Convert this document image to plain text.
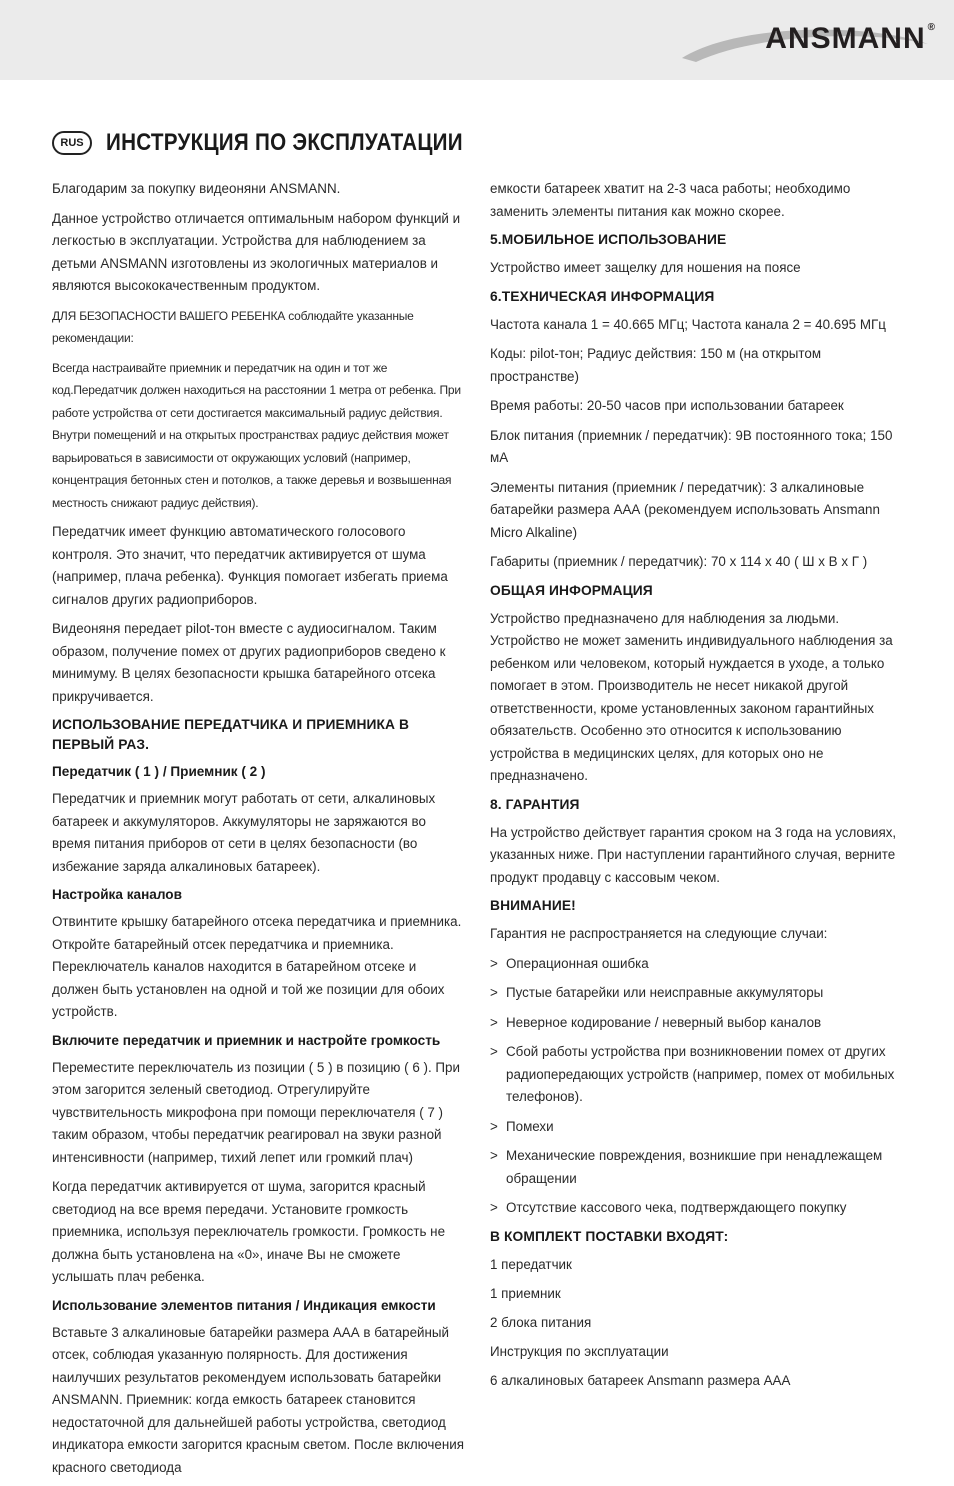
ANSMANN ®
RUS ИНСТРУКЦИЯ ПО ЭКСПЛУАТАЦИИ

Благодарим за покупку видеоняни ANSMANN.

Данное устройство отличается оптимальным набором функций и легкостью в эксплуатации. Устройства для наблюдением за детьми ANSMANN изготовлены из экологичных материалов и являются высококачественным продуктом.

ДЛЯ БЕЗОПАСНОСТИ ВАШЕГО РЕБЕНКА соблюдайте указанные рекомендации:

Всегда настраивайте приемник и передатчик на один и тот же код.Передатчик должен находиться на расстоянии 1 метра от ребенка. При работе устройства от сети достигается максимальный радиус действия. Внутри помещений и на открытых пространствах радиус действия может варьироваться в зависимости от окружающих условий (например, концентрация бетонных стен и потолков, а также деревья и возвышенная местность снижают радиус действия).

Передатчик имеет функцию автоматического голосового контроля. Это значит, что передатчик активируется от шума (например, плача ребенка). Функция помогает избегать приема сигналов других радиоприборов.

Видеоняня передает pilot-тон вместе с аудиосигналом. Таким образом, получение помех от других радиоприборов сведено к минимуму. В целях безопасности крышка батарейного отсека прикручивается.

ИСПОЛЬЗОВАНИЕ ПЕРЕДАТЧИКА И ПРИЕМНИКА В ПЕРВЫЙ РАЗ.
Передатчик ( 1 ) / Приемник ( 2 )

Передатчик и приемник могут работать от сети, алкалиновых батареек и аккумуляторов. Аккумуляторы не заряжаются во время питания приборов от сети в целях безопасности (во избежание заряда алкалиновых батареек).

Настройка каналов

Отвинтите крышку батарейного отсека передатчика и приемника. Откройте батарейный отсек передатчика и приемника. Переключатель каналов находится в батарейном отсеке и должен быть установлен на одной и той же позиции для обоих устройств.

Включите передатчик и приемник и настройте громкость

Переместите переключатель из позиции ( 5 ) в позицию ( 6 ). При этом загорится зеленый светодиод. Отрегулируйте чувствительность микрофона при помощи переключателя ( 7 ) таким образом, чтобы передатчик реагировал на звуки разной интенсивности (например, тихий лепет или громкий плач)

Когда передатчик активируется от шума, загорится красный светодиод на все время передачи. Установите громкость приемника, используя переключатель громкости. Громкость не должна быть установлена на «0», иначе Вы не сможете услышать плач ребенка.

Использование элементов питания / Индикация емкости

Вставьте 3 алкалиновые батарейки размера ААА в батарейный отсек, соблюдая указанную полярность. Для достижения наилучших результатов рекомендуем использовать батарейки ANSMANN. Приемник: когда емкость батареек становится недостаточной для дальнейшей работы устройства, светодиод индикатора емкости загорится красным светом. После включения красного светодиода

емкости батареек хватит на 2-3 часа работы; необходимо заменить элементы питания как можно скорее.

5.МОБИЛЬНОЕ ИСПОЛЬЗОВАНИЕ

Устройство имеет защелку для ношения на поясе

6.ТЕХНИЧЕСКАЯ ИНФОРМАЦИЯ

Частота канала 1 = 40.665 МГц; Частота канала 2 = 40.695 МГц

Коды: pilot-тон; Радиус действия: 150 м (на открытом пространстве)

Время работы: 20-50 часов при использовании батареек

Блок питания (приемник / передатчик): 9В постоянного тока; 150 мА

Элементы питания (приемник / передатчик): 3 алкалиновые батарейки размера ААА (рекомендуем использовать Ansmann Micro Alkaline)

Габариты (приемник / передатчик): 70 x 114 x 40 ( Ш x В x Г )

ОБЩАЯ ИНФОРМАЦИЯ

Устройство предназначено для наблюдения за людьми. Устройство не может заменить индивидуального наблюдения за ребенком или человеком, который нуждается в уходе, а только помогает в этом. Производитель не несет никакой другой ответственности, кроме установленных законом гарантийных обязательств. Особенно это относится к использованию устройства в медицинских целях, для которых оно не предназначено.

8. ГАРАНТИЯ

На устройство действует гарантия сроком на 3 года на условиях, указанных ниже. При наступлении гарантийного случая, верните продукт продавцу с кассовым чеком.

ВНИМАНИЕ!

Гарантия не распространяется на следующие случаи:

> Операционная ошибка
> Пустые батарейки или неисправные аккумуляторы
> Неверное кодирование / неверный выбор каналов
> Сбой работы устройства при возникновении помех от других радиопередающих устройств (например, помех от мобильных телефонов).
> Помехи
> Механические повреждения, возникшие при ненадлежащем обращении
> Отсутствие кассового чека, подтверждающего покупку
В КОМПЛЕКТ ПОСТАВКИ ВХОДЯТ:

1 передатчик

1 приемник

2 блока питания

Инструкция по эксплуатации

6 алкалиновых батареек Ansmann размера ААА
